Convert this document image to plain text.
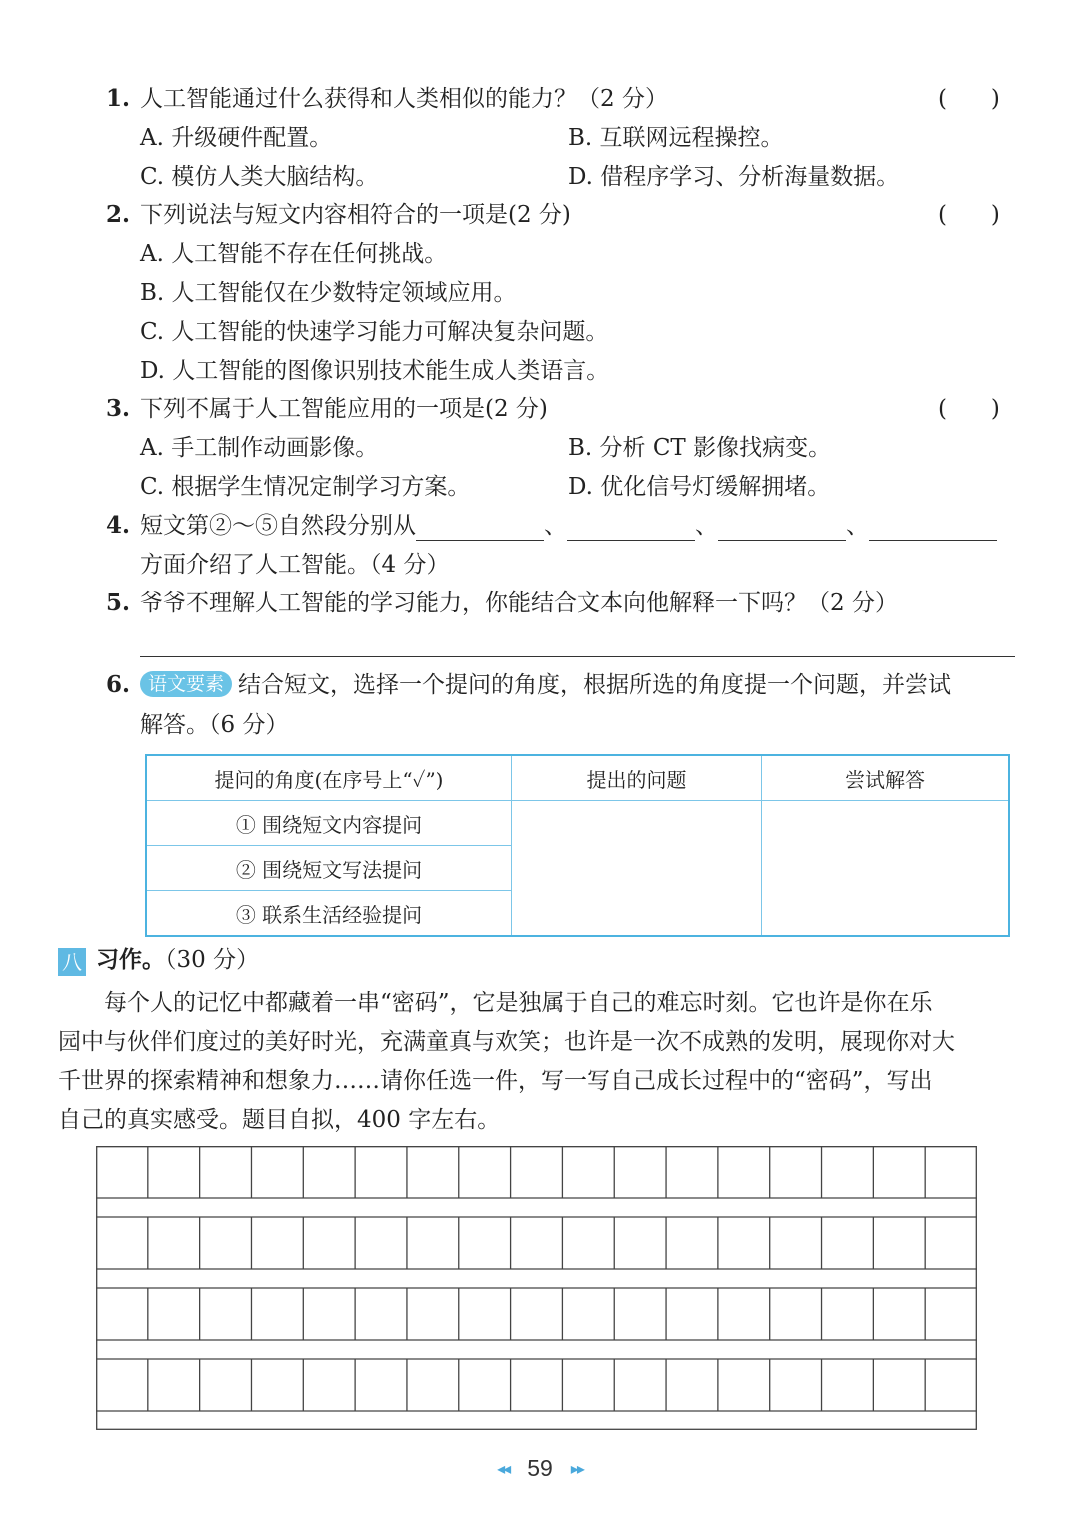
1. 人工智能通过什么获得和人类相似的能力？（2 分）	(      )
A. 升级硬件配置。	B. 互联网远程操控。
C. 模仿人类大脑结构。	D. 借程序学习、分析海量数据。
2. 下列说法与短文内容相符合的一项是(2 分)	(      )
A. 人工智能不存在任何挑战。
B. 人工智能仅在少数特定领域应用。
C. 人工智能的快速学习能力可解决复杂问题。
D. 人工智能的图像识别技术能生成人类语言。
3. 下列不属于人工智能应用的一项是(2 分)	(      )
A. 手工制作动画影像。	B. 分析 CT 影像找病变。
C. 根据学生情况定制学习方案。	D. 优化信号灯缓解拥堵。
4. 短文第②～⑤自然段分别从	、	、	、
方面介绍了人工智能。（4 分）
5. 爷爷不理解人工智能的学习能力，你能结合文本向他解释一下吗？（2 分）
6. 语文要素 结合短文，选择一个提问的角度，根据所选的角度提一个问题，并尝试
解答。（6 分）
提问的角度(在序号上“✓”)	提出的问题	尝试解答
① 围绕短文内容提问		
② 围绕短文写法提问		
③ 联系生活经验提问		
八 习作。（30 分）
　　每个人的记忆中都藏着一串“密码”，它是独属于自己的难忘时刻。它也许是你在乐
园中与伙伴们度过的美好时光，充满童真与欢笑；也许是一次不成熟的发明，展现你对大
千世界的探索精神和想象力……请你任选一件，写一写自己成长过程中的“密码”，写出
自己的真实感受。题目自拟，400 字左右。
◂◂ 59 ▸▸
